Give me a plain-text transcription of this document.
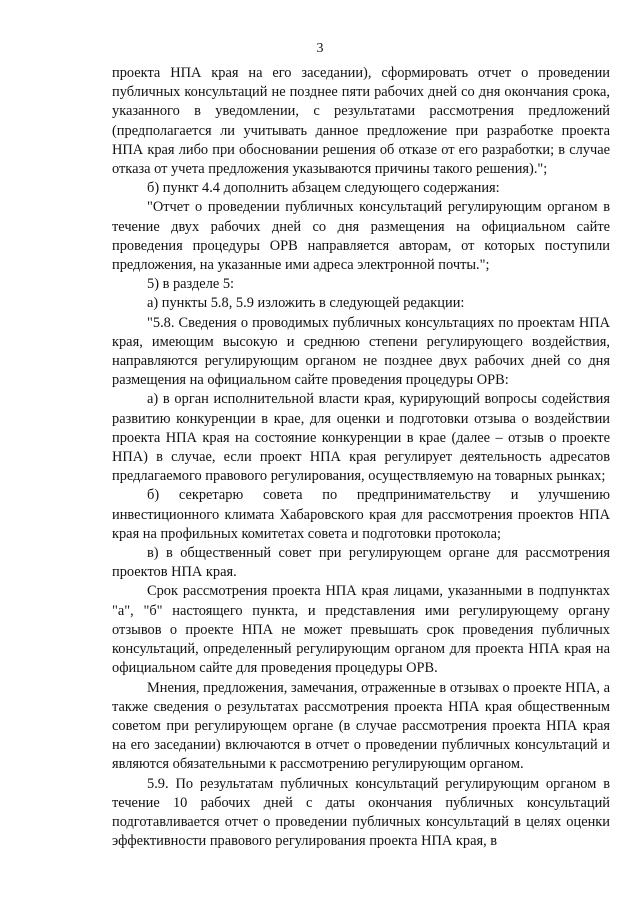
3

проекта НПА края на его заседании), сформировать отчет о проведении публичных консультаций не позднее пяти рабочих дней со дня окончания срока, указанного в уведомлении, с результатами рассмотрения предложений (предполагается ли учитывать данное предложение при разработке проекта НПА края либо при обосновании решения об отказе от его разработки; в случае отказа от учета предложения указываются причины такого решения).";

б) пункт 4.4 дополнить абзацем следующего содержания:

"Отчет о проведении публичных консультаций регулирующим органом в течение двух рабочих дней со дня размещения на официальном сайте проведения процедуры ОРВ направляется авторам, от которых поступили предложения, на указанные ими адреса электронной почты.";

5) в разделе 5:

а) пункты 5.8, 5.9 изложить в следующей редакции:

"5.8. Сведения о проводимых публичных консультациях по проектам НПА края, имеющим высокую и среднюю степени регулирующего воздействия, направляются регулирующим органом не позднее двух рабочих дней со дня размещения на официальном сайте проведения процедуры ОРВ:

а) в орган исполнительной власти края, курирующий вопросы содействия развитию конкуренции в крае, для оценки и подготовки отзыва о воздействии проекта НПА края на состояние конкуренции в крае (далее – отзыв о проекте НПА) в случае, если проект НПА края регулирует деятельность адресатов предлагаемого правового регулирования, осуществляемую на товарных рынках;

б) секретарю совета по предпринимательству и улучшению инвестиционного климата Хабаровского края для рассмотрения проектов НПА края на профильных комитетах совета и подготовки протокола;

в) в общественный совет при регулирующем органе для рассмотрения проектов НПА края.

Срок рассмотрения проекта НПА края лицами, указанными в подпунктах "а", "б" настоящего пункта, и представления ими регулирующему органу отзывов о проекте НПА не может превышать срок проведения публичных консультаций, определенный регулирующим органом для проекта НПА края на официальном сайте для проведения процедуры ОРВ.

Мнения, предложения, замечания, отраженные в отзывах о проекте НПА, а также сведения о результатах рассмотрения проекта НПА края общественным советом при регулирующем органе (в случае рассмотрения проекта НПА края на его заседании) включаются в отчет о проведении публичных консультаций и являются обязательными к рассмотрению регулирующим органом.

5.9. По результатам публичных консультаций регулирующим органом в течение 10 рабочих дней с даты окончания публичных консультаций подготавливается отчет о проведении публичных консультаций в целях оценки эффективности правового регулирования проекта НПА края, в
